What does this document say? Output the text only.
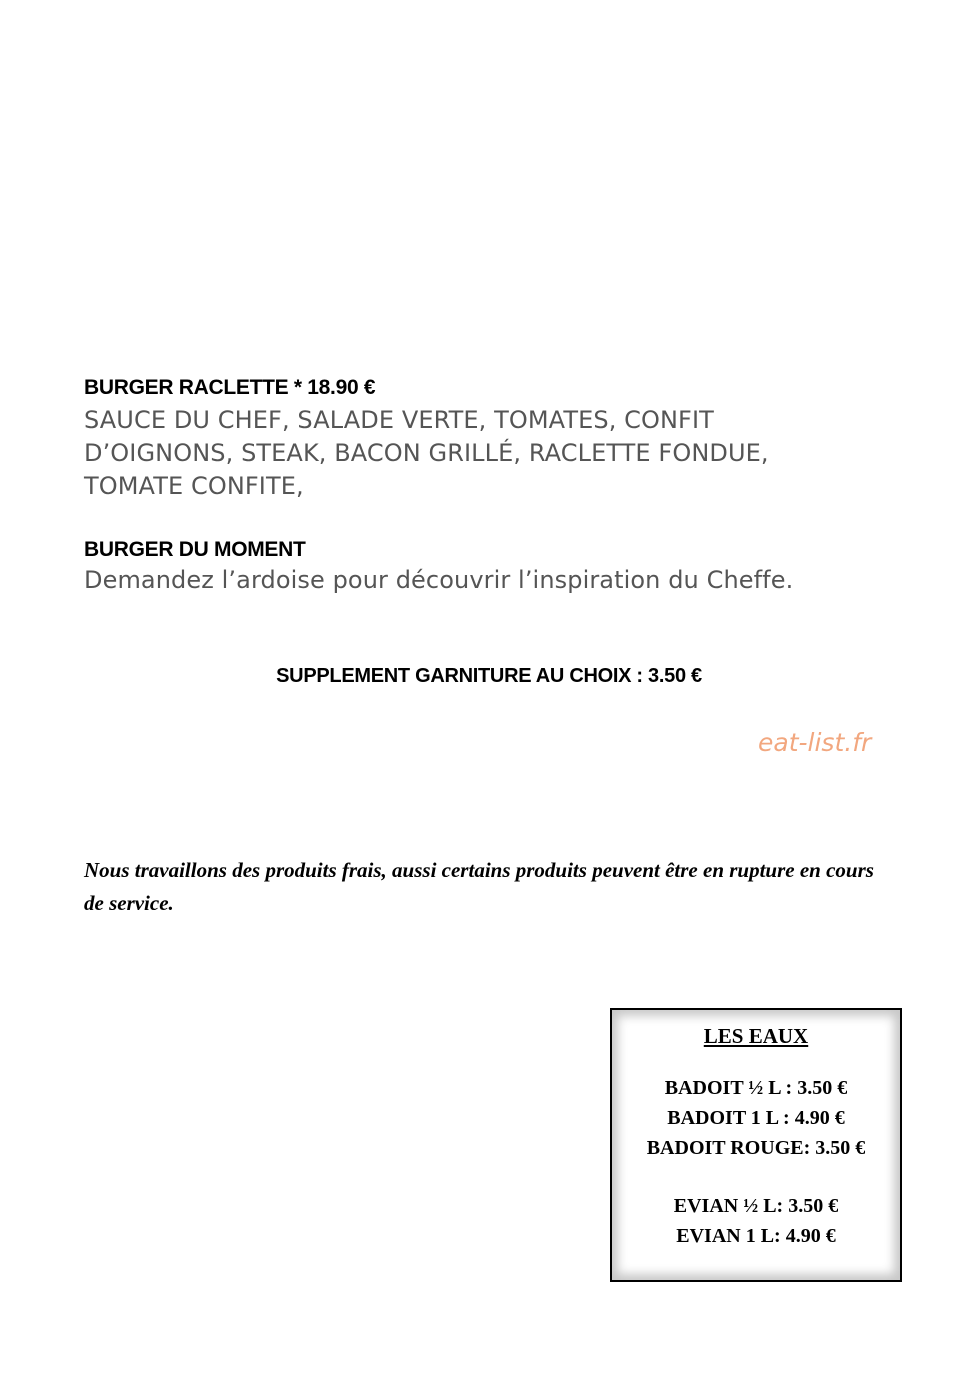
BURGER RACLETTE * 18.90 €
SAUCE DU CHEF, SALADE VERTE, TOMATES, CONFIT D’OIGNONS, STEAK, BACON GRILLÉ, RACLETTE FONDUE, TOMATE CONFITE,
BURGER DU MOMENT
Demandez l’ardoise pour découvrir l’inspiration du Cheffe.
SUPPLEMENT GARNITURE AU CHOIX : 3.50 €
eat-list.fr
Nous travaillons des produits frais, aussi certains produits peuvent être en rupture en cours de service.
LES EAUX
BADOIT ½ L : 3.50 €
BADOIT 1 L : 4.90 €
BADOIT ROUGE: 3.50 €
EVIAN ½ L: 3.50 €
EVIAN 1 L: 4.90 €
